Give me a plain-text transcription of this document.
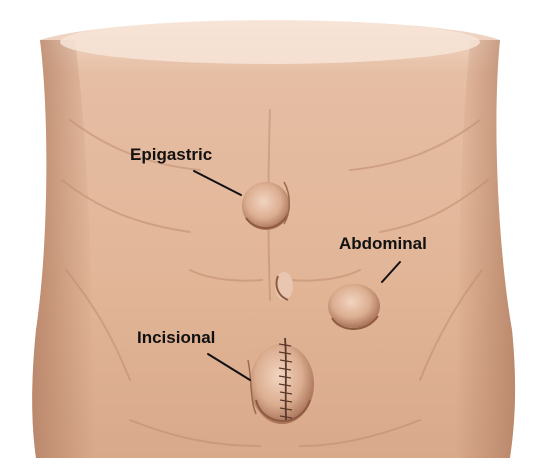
Epigastric
Abdominal
Incisional
